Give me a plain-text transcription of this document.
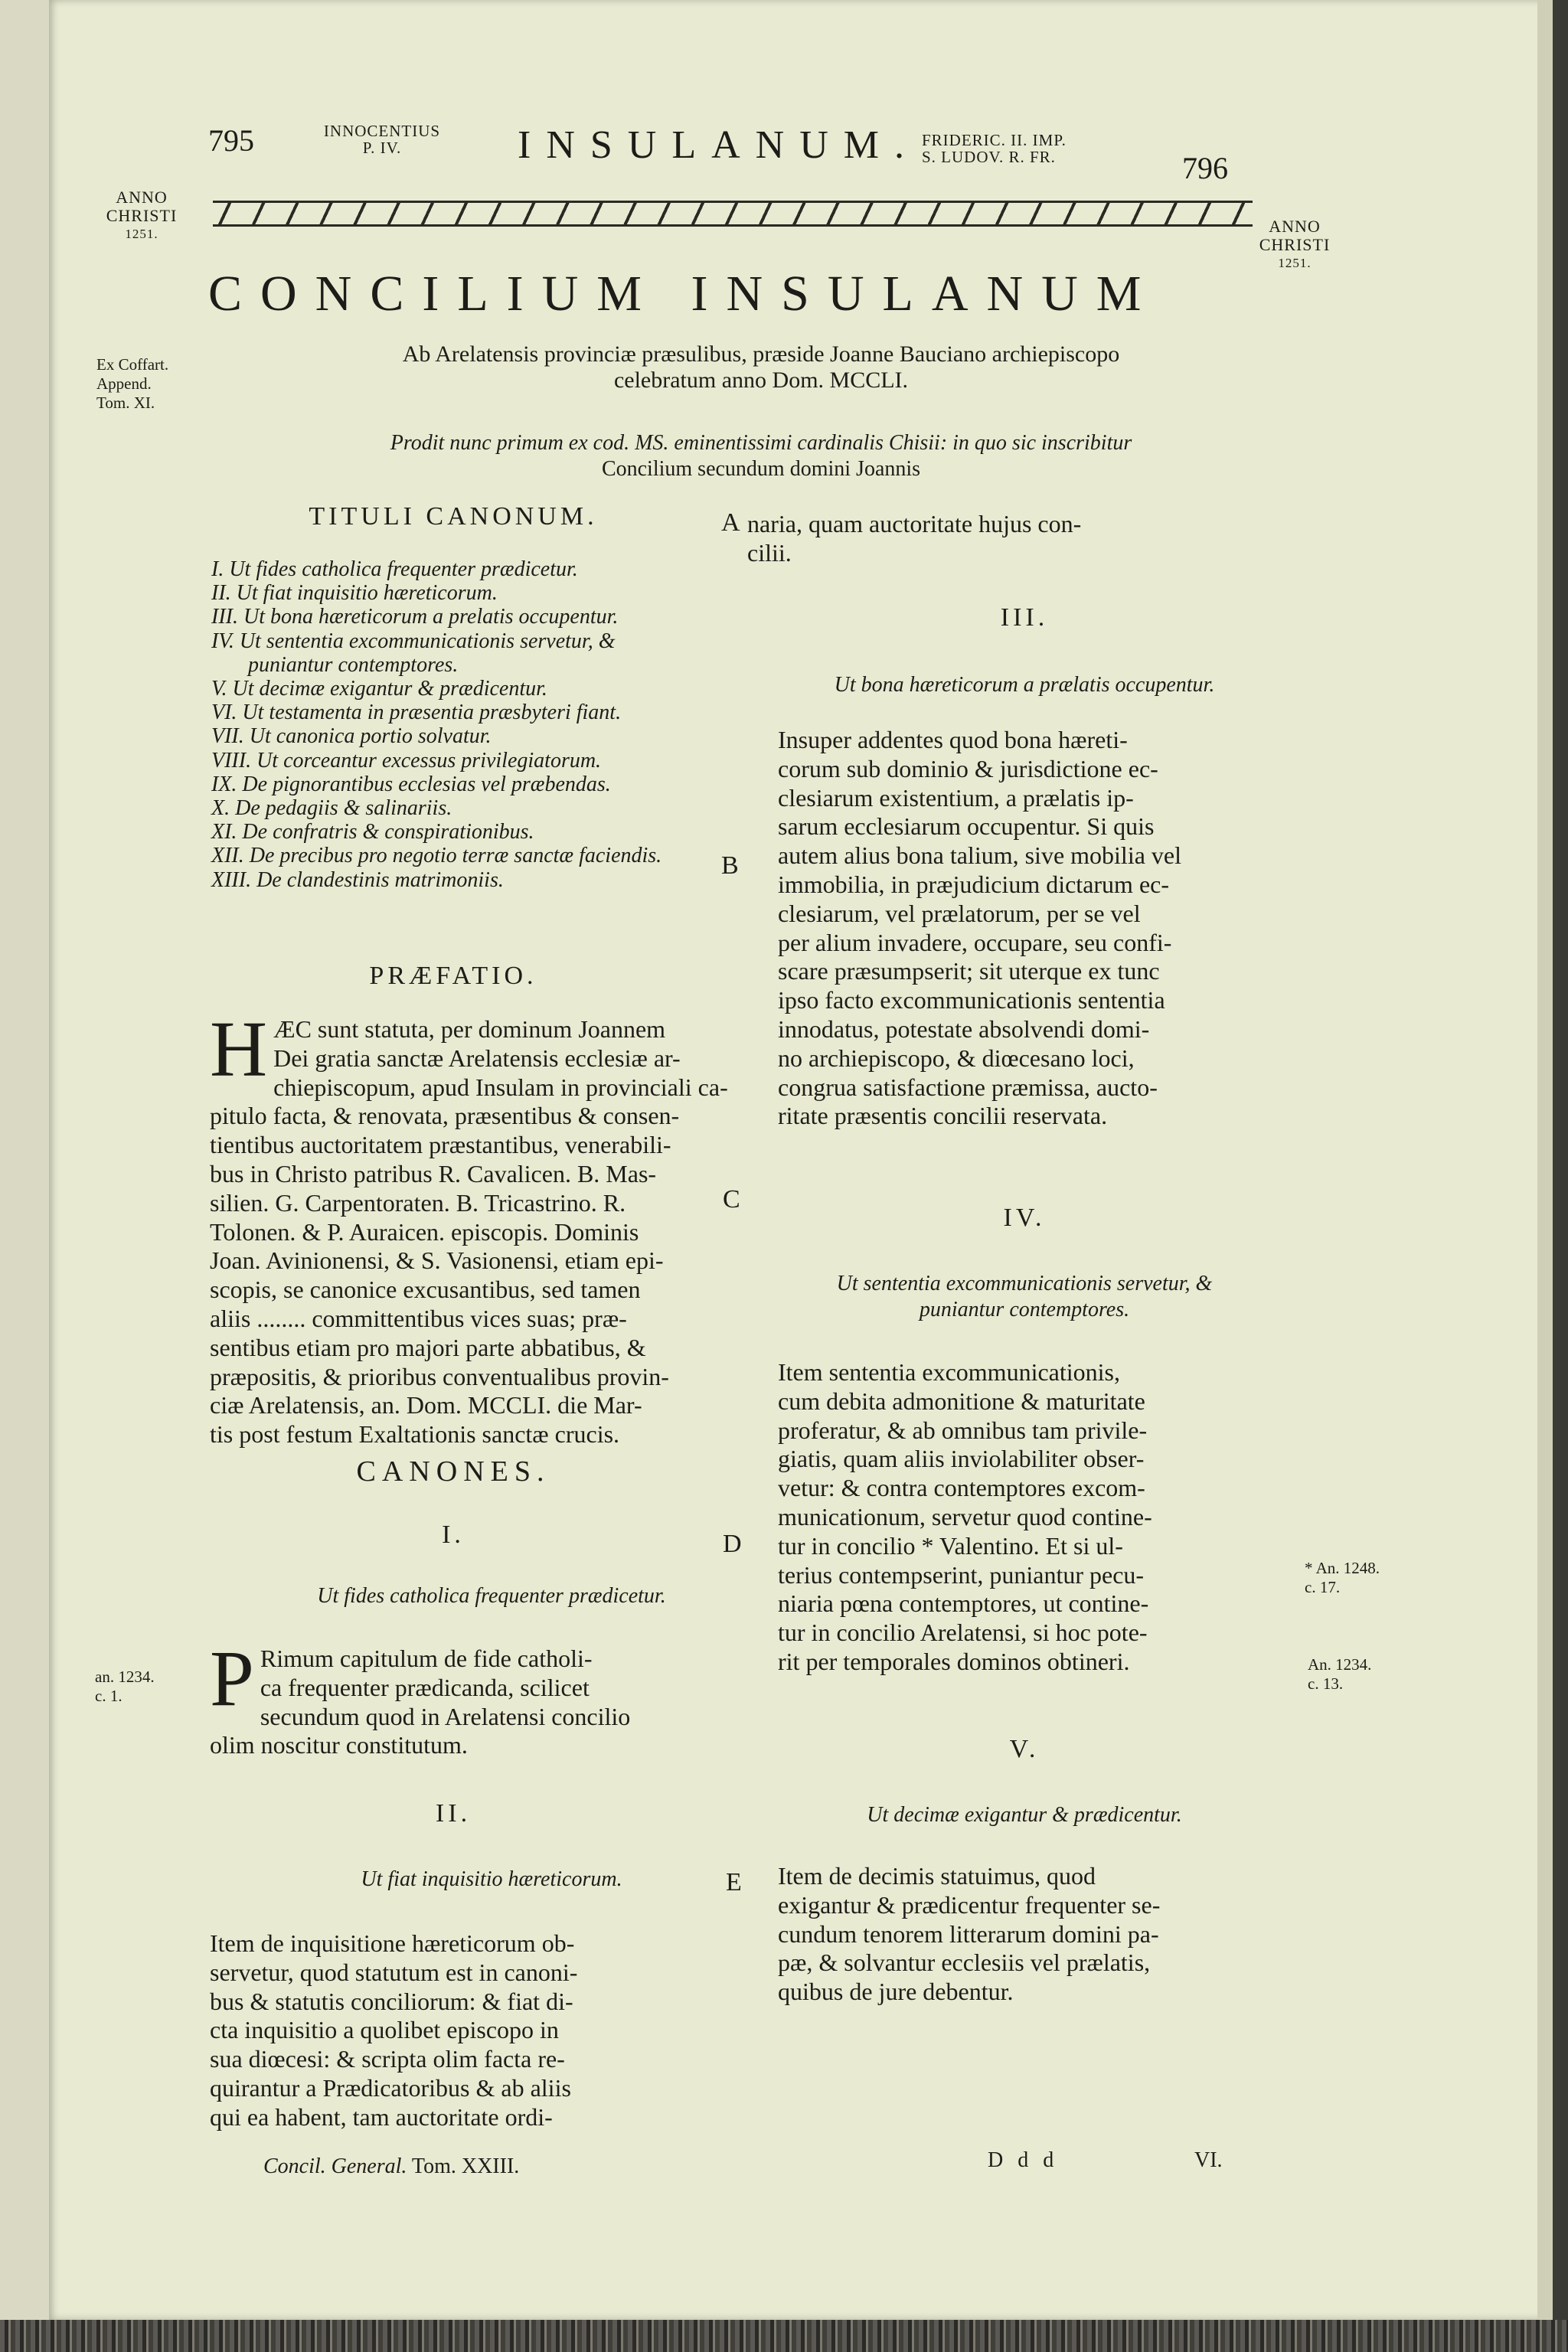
795	INNOCENTIUS
P. IV.	INSULANUM. FRIDERIC. II. IMP.
S. LUDOV. R. FR.	796
ANNO
CHRISTI
1251.	ANNO
CHRISTI
1251.
CONCILIUM INSULANUM
Ex Coffart.
Append.
Tom. XI.
Ab Arelatensis provinciæ præsulibus, præside Joanne Bauciano archiepiscopo
celebratum anno Dom. MCCLI.
Prodit nunc primum ex cod. MS. eminentissimi cardinalis Chisii: in quo sic inscribitur
Concilium secundum domini Joannis
TITULI CANONUM.
I. Ut fides catholica frequenter prædicetur.
II. Ut fiat inquisitio hæreticorum.
III. Ut bona hæreticorum a prelatis occupentur.
IV. Ut sententia excommunicationis servetur, &
puniantur contemptores.
V. Ut decimæ exigantur & prædicentur.
VI. Ut testamenta in præsentia præsbyteri fiant.
VII. Ut canonica portio solvatur.
VIII. Ut corceantur excessus privilegiatorum.
IX. De pignorantibus ecclesias vel præbendas.
X. De pedagiis & salinariis.
XI. De confratris & conspirationibus.
XII. De precibus pro negotio terræ sanctæ faciendis.
XIII. De clandestinis matrimoniis.
PRÆFATIO.
H ÆC sunt statuta, per dominum Joannem

Dei gratia sanctæ Arelatensis ecclesiæ ar-

chiepiscopum, apud Insulam in provinciali ca-

pitulo facta, & renovata, præsentibus & consen-

tientibus auctoritatem præstantibus, venerabili-

bus in Christo patribus R. Cavalicen. B. Mas-

silien. G. Carpentoraten. B. Tricastrino. R.

Tolonen. & P. Auraicen. episcopis. Dominis

Joan. Avinionensi, & S. Vasionensi, etiam epi-

scopis, se canonice excusantibus, sed tamen

aliis ........ committentibus vices suas; præ-

sentibus etiam pro majori parte abbatibus, &

præpositis, & prioribus conventualibus provin-

ciæ Arelatensis, an. Dom. MCCLI. die Mar-

tis post festum Exaltationis sanctæ crucis.

CANONES.
I.
Ut fides catholica frequenter prædicetur.
an. 1234.
c. 1.	P Rimum capitulum de fide catholi-

ca frequenter prædicanda, scilicet

secundum quod in Arelatensi concilio

olim noscitur constitutum.

II.
Ut fiat inquisitio hæreticorum.

Item de inquisitione hæreticorum ob-

servetur, quod statutum est in canoni-

bus & statutis conciliorum: & fiat di-

cta inquisitio a quolibet episcopo in

sua diœcesi: & scripta olim facta re-

quirantur a Prædicatoribus & ab aliis

qui ea habent, tam auctoritate ordi-

B
C
D
E
A naria, quam auctoritate hujus con-

cilii.

III.
Ut bona hæreticorum a prælatis occupentur.

Insuper addentes quod bona hæreti-

corum sub dominio & jurisdictione ec-

clesiarum existentium, a prælatis ip-

sarum ecclesiarum occupentur. Si quis

autem alius bona talium, sive mobilia vel

immobilia, in præjudicium dictarum ec-

clesiarum, vel prælatorum, per se vel

per alium invadere, occupare, seu confi-

scare præsumpserit; sit uterque ex tunc

ipso facto excommunicationis sententia

innodatus, potestate absolvendi domi-

no archiepiscopo, & diœcesano loci,

congrua satisfactione præmissa, aucto-

ritate præsentis concilii reservata.

IV.
Ut sententia excommunicationis servetur, &
puniantur contemptores.

Item sententia excommunicationis,

cum debita admonitione & maturitate

proferatur, & ab omnibus tam privile-

giatis, quam aliis inviolabiliter obser-

vetur: & contra contemptores excom-

municationum, servetur quod contine-

tur in concilio * Valentino. Et si ul-

terius contempserint, puniantur pecu-

niaria pœna contemptores, ut contine-

tur in concilio Arelatensi, si hoc pote-

rit per temporales dominos obtineri.

* An. 1248.
c. 17.
An. 1234.
c. 13.
V.
Ut decimæ exigantur & prædicentur.

Item de decimis statuimus, quod

exigantur & prædicentur frequenter se-

cundum tenorem litterarum domini pa-

pæ, & solvantur ecclesiis vel prælatis,

quibus de jure debentur.

Concil. General. Tom. XXIII.	D d d	VI.
